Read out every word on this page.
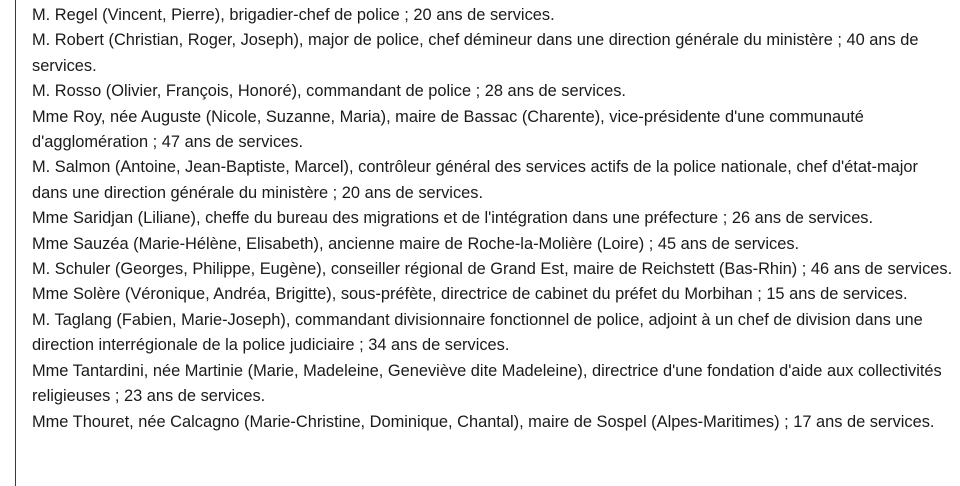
M. Regel (Vincent, Pierre), brigadier-chef de police ; 20 ans de services.
M. Robert (Christian, Roger, Joseph), major de police, chef démineur dans une direction générale du ministère ; 40 ans de services.
M. Rosso (Olivier, François, Honoré), commandant de police ; 28 ans de services.
Mme Roy, née Auguste (Nicole, Suzanne, Maria), maire de Bassac (Charente), vice-présidente d'une communauté d'agglomération ; 47 ans de services.
M. Salmon (Antoine, Jean-Baptiste, Marcel), contrôleur général des services actifs de la police nationale, chef d'état-major dans une direction générale du ministère ; 20 ans de services.
Mme Saridjan (Liliane), cheffe du bureau des migrations et de l'intégration dans une préfecture ; 26 ans de services.
Mme Sauzéa (Marie-Hélène, Elisabeth), ancienne maire de Roche-la-Molière (Loire) ; 45 ans de services.
M. Schuler (Georges, Philippe, Eugène), conseiller régional de Grand Est, maire de Reichstett (Bas-Rhin) ; 46 ans de services.
Mme Solère (Véronique, Andréa, Brigitte), sous-préfète, directrice de cabinet du préfet du Morbihan ; 15 ans de services.
M. Taglang (Fabien, Marie-Joseph), commandant divisionnaire fonctionnel de police, adjoint à un chef de division dans une direction interrégionale de la police judiciaire ; 34 ans de services.
Mme Tantardini, née Martinie (Marie, Madeleine, Geneviève dite Madeleine), directrice d'une fondation d'aide aux collectivités religieuses ; 23 ans de services.
Mme Thouret, née Calcagno (Marie-Christine, Dominique, Chantal), maire de Sospel (Alpes-Maritimes) ; 17 ans de services.
